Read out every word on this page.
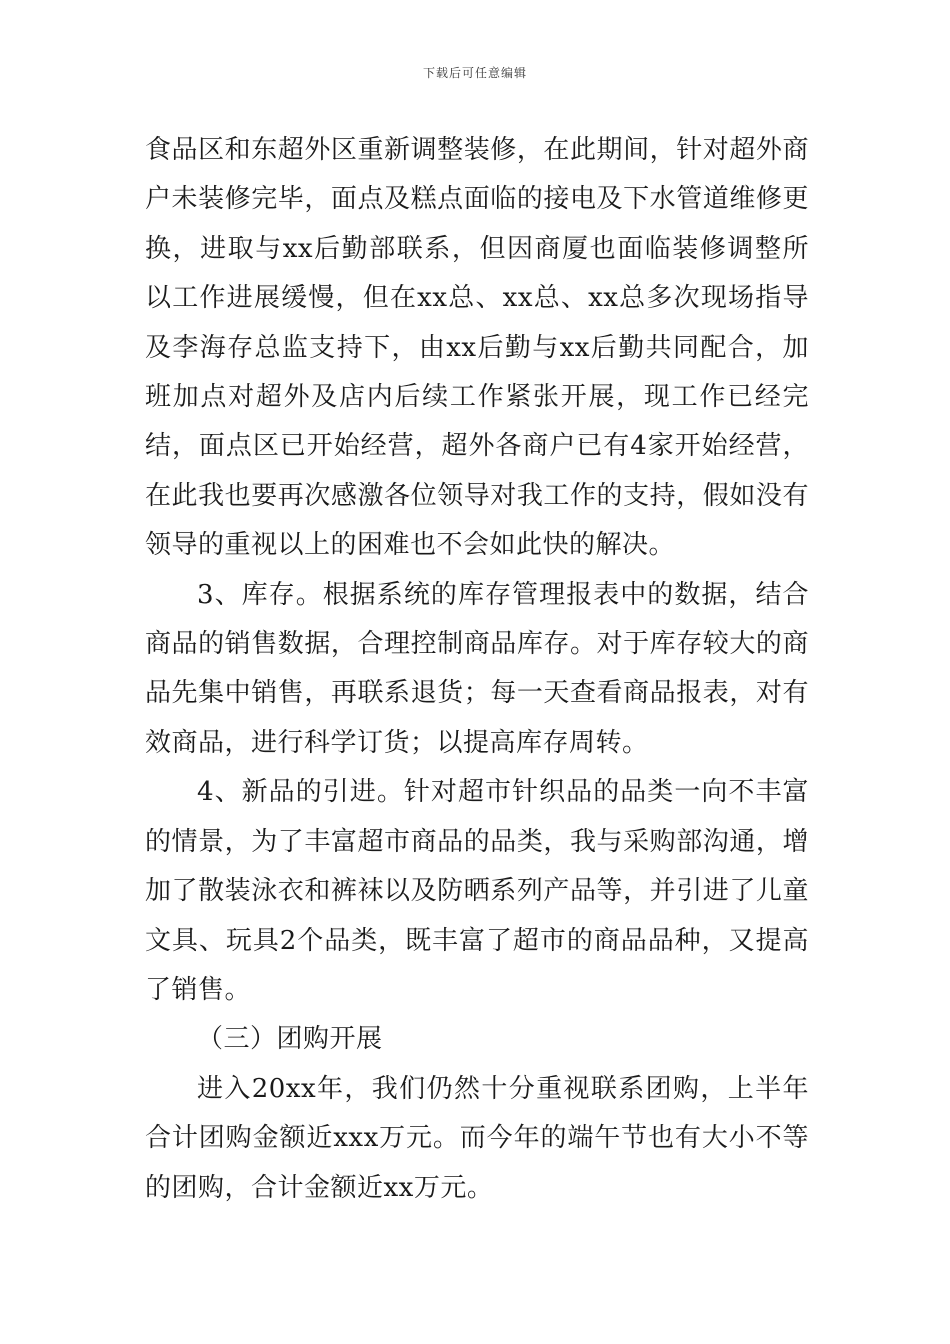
下载后可任意编辑

食品区和东超外区重新调整装修，在此期间，针对超外商户未装修完毕，面点及糕点面临的接电及下水管道维修更换，进取与xx后勤部联系，但因商厦也面临装修调整所以工作进展缓慢，但在xx总、xx总、xx总多次现场指导及李海存总监支持下，由xx后勤与xx后勤共同配合，加班加点对超外及店内后续工作紧张开展，现工作已经完结，面点区已开始经营，超外各商户已有4家开始经营，在此我也要再次感激各位领导对我工作的支持，假如没有领导的重视以上的困难也不会如此快的解决。

3、库存。根据系统的库存管理报表中的数据，结合商品的销售数据，合理控制商品库存。对于库存较大的商品先集中销售，再联系退货；每一天查看商品报表，对有效商品，进行科学订货；以提高库存周转。

4、新品的引进。针对超市针织品的品类一向不丰富的情景，为了丰富超市商品的品类，我与采购部沟通，增加了散装泳衣和裤袜以及防晒系列产品等，并引进了儿童文具、玩具2个品类，既丰富了超市的商品品种，又提高了销售。

（三）团购开展

进入20xx年，我们仍然十分重视联系团购，上半年合计团购金额近xxx万元。而今年的端午节也有大小不等的团购，合计金额近xx万元。
